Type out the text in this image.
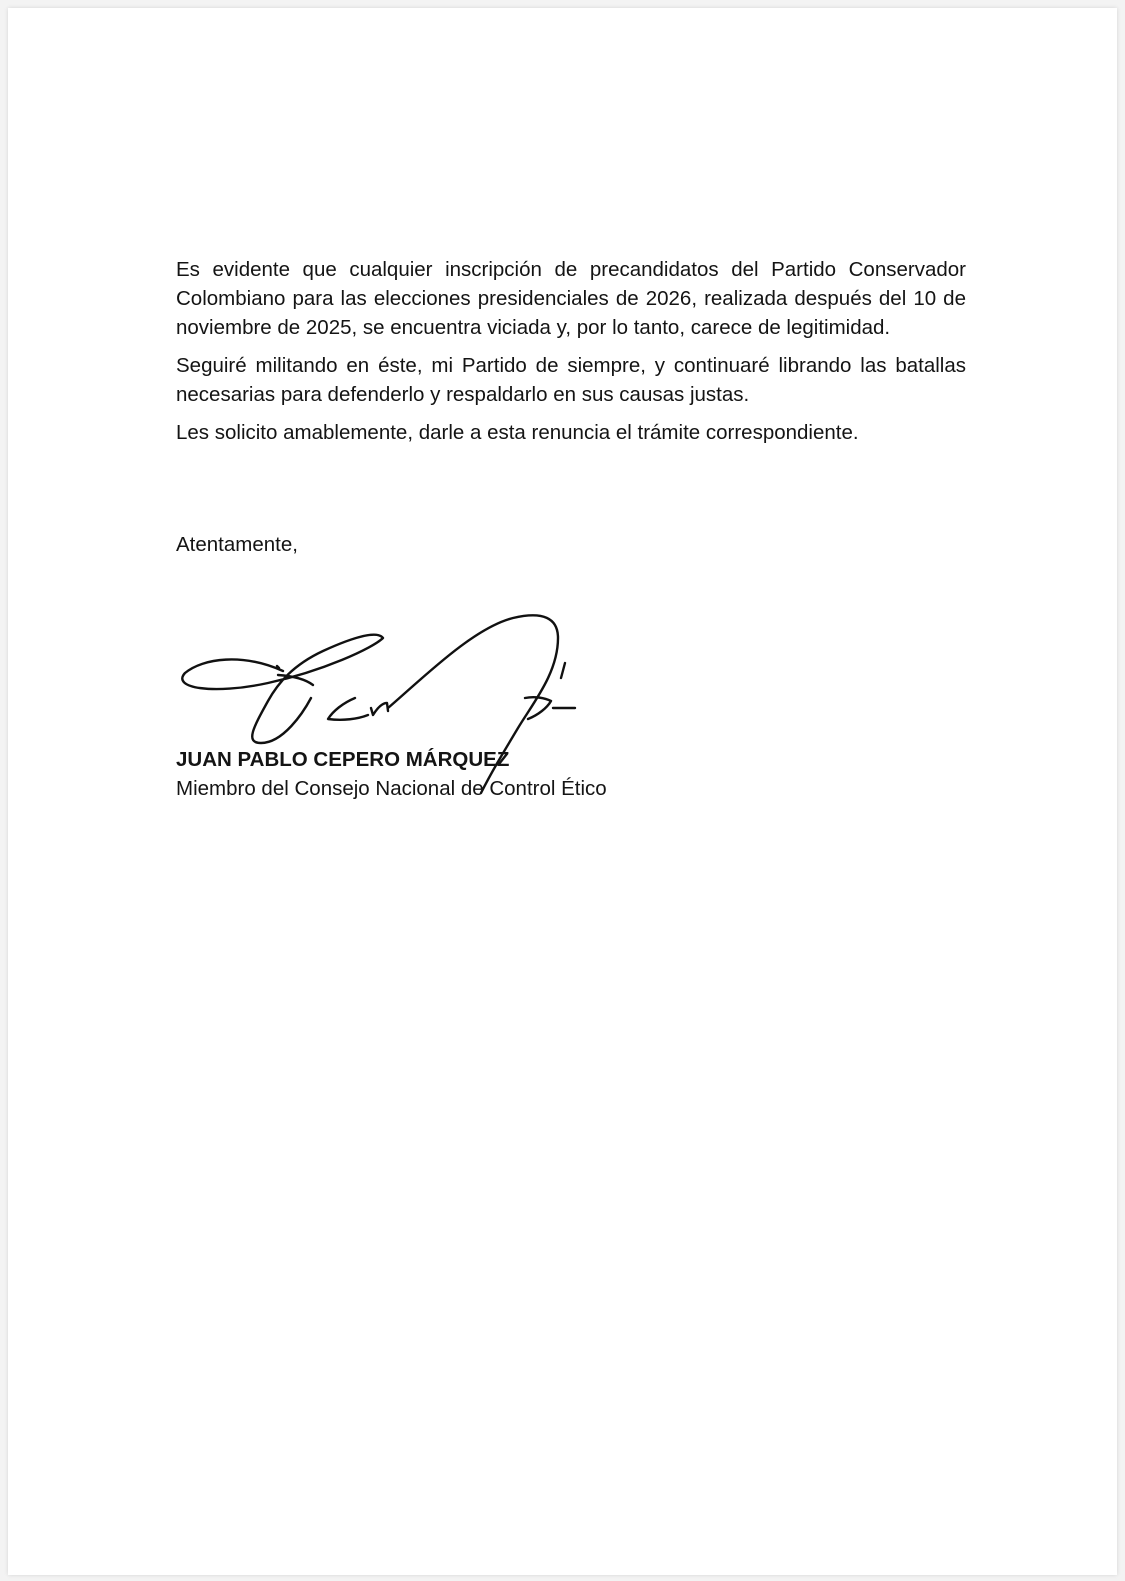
Es evidente que cualquier inscripción de precandidatos del Partido Conservador Colombiano para las elecciones presidenciales de 2026, realizada después del 10 de noviembre de 2025, se encuentra viciada y, por lo tanto, carece de legitimidad.

Seguiré militando en éste, mi Partido de siempre, y continuaré librando las batallas necesarias para defenderlo y respaldarlo en sus causas justas.

Les solicito amablemente, darle a esta renuncia el trámite correspondiente.

Atentamente,
JUAN PABLO CEPERO MÁRQUEZ
Miembro del Consejo Nacional de Control Ético
